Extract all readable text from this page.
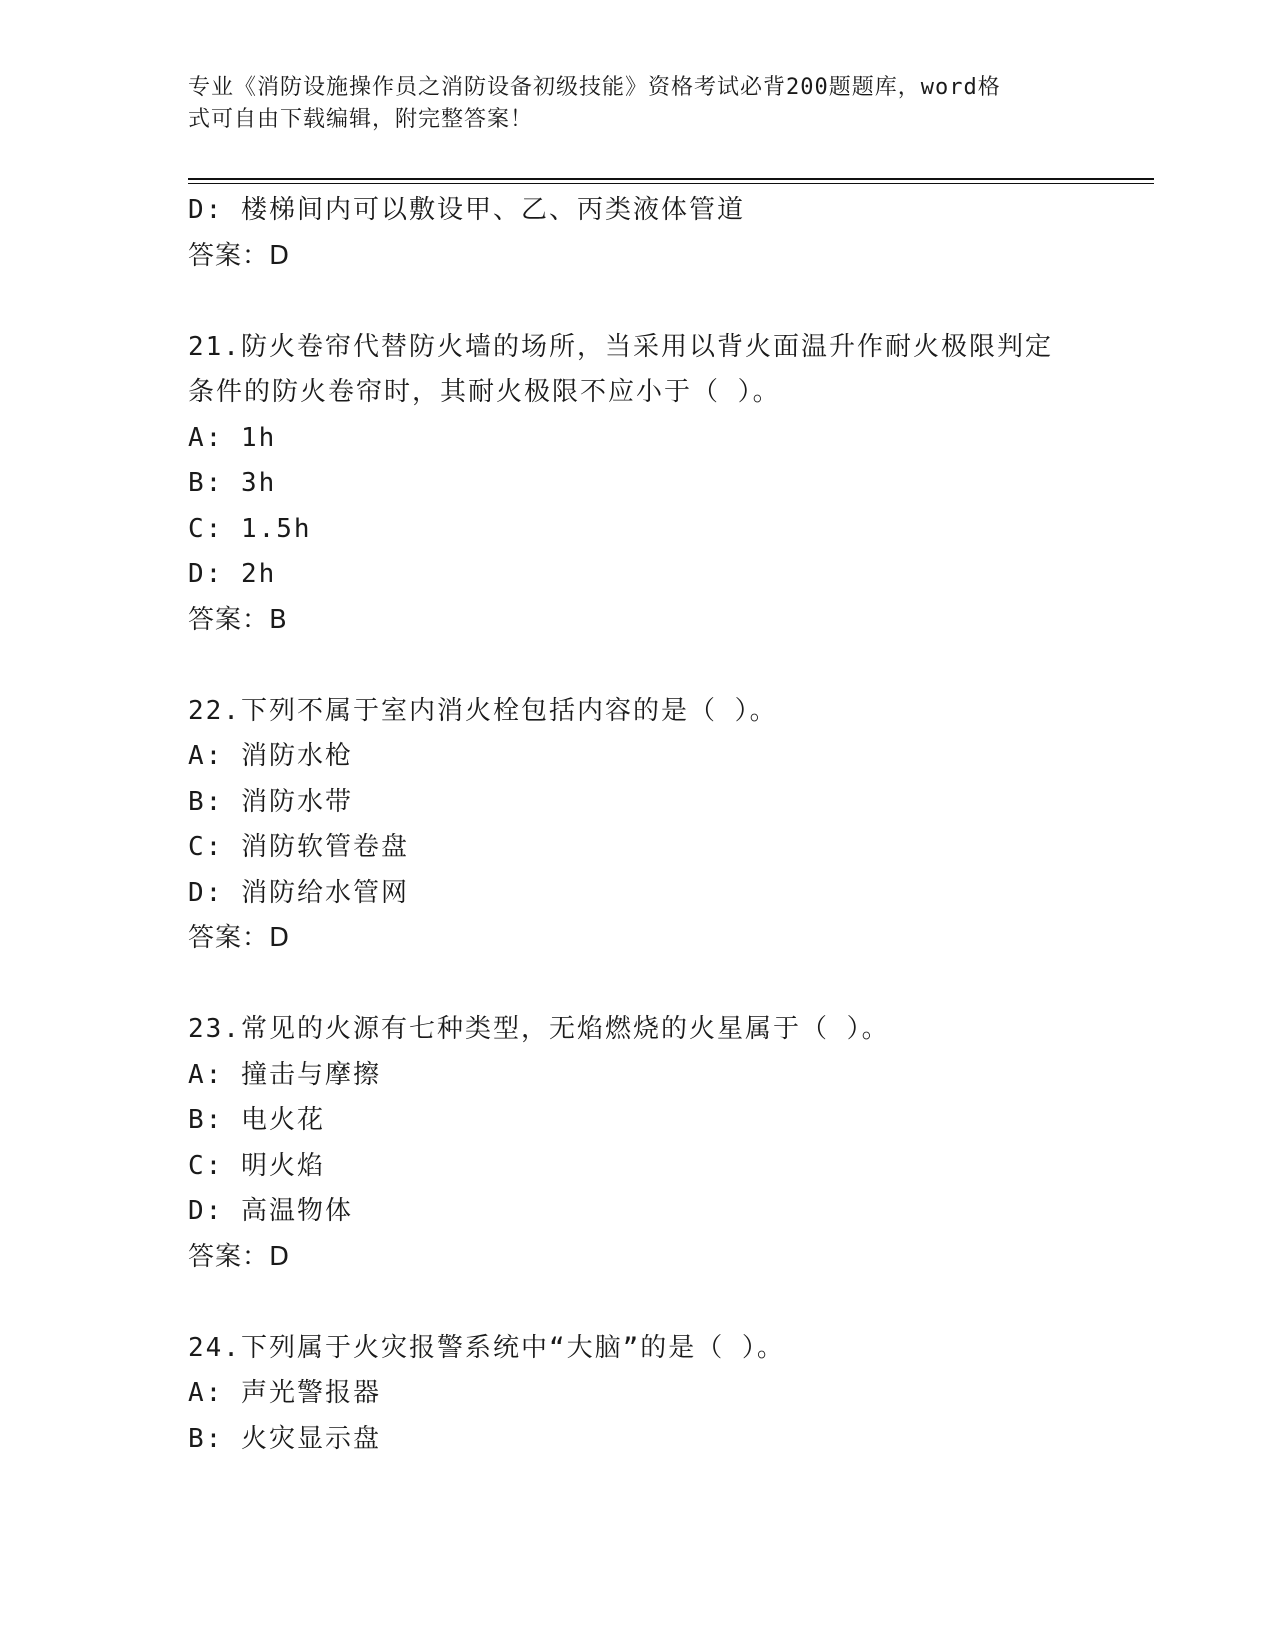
专业《消防设施操作员之消防设备初级技能》资格考试必背200题题库，word格
式可自由下载编辑，附完整答案！
D: 楼梯间内可以敷设甲、乙、丙类液体管道
答案：D
21.防火卷帘代替防火墙的场所，当采用以背火面温升作耐火极限判定
条件的防火卷帘时，其耐火极限不应小于（ ）。
A: 1h
B: 3h
C: 1.5h
D: 2h
答案：B
22.下列不属于室内消火栓包括内容的是（ ）。
A: 消防水枪
B: 消防水带
C: 消防软管卷盘
D: 消防给水管网
答案：D
23.常见的火源有七种类型，无焰燃烧的火星属于（ ）。
A: 撞击与摩擦
B: 电火花
C: 明火焰
D: 高温物体
答案：D
24.下列属于火灾报警系统中“大脑”的是（ ）。
A: 声光警报器
B: 火灾显示盘
